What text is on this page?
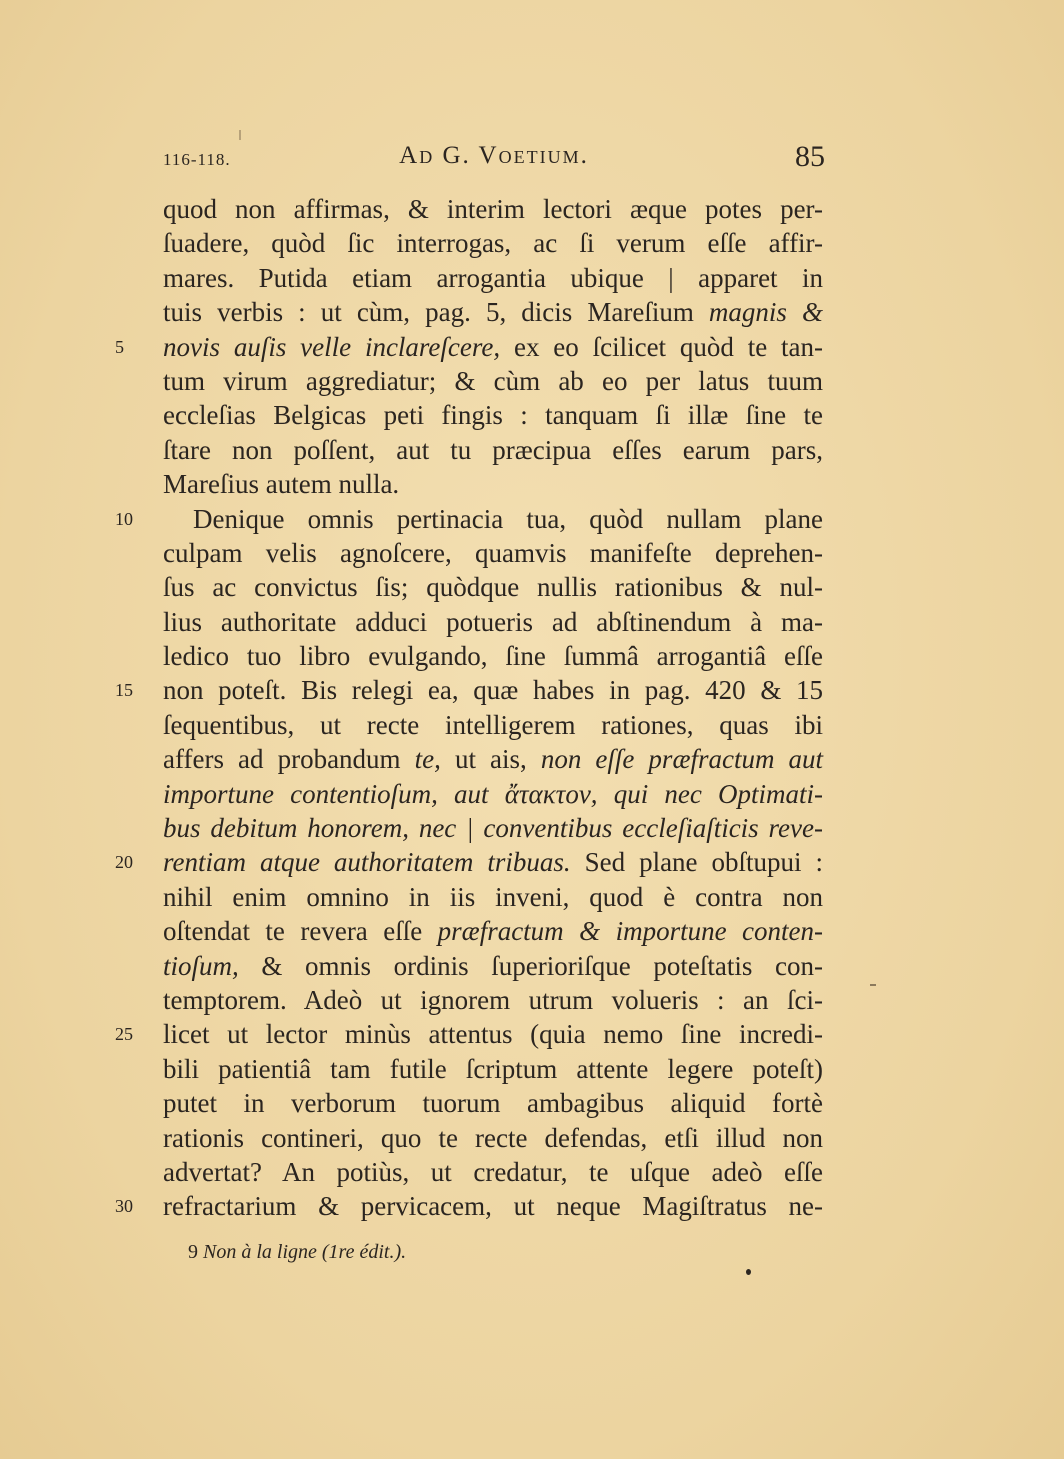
116-118.	Ad G. Voetium.	85
quod non affirmas, & interim lectori æque potes per-
ſuadere, quòd ſic interrogas, ac ſi verum eſſe affir-
mares. Putida etiam arrogantia ubique | apparet in
tuis verbis : ut cùm, pag. 5, dicis Mareſium magnis &
5	novis auſis velle inclareſcere, ex eo ſcilicet quòd te tan-
tum virum aggrediatur; & cùm ab eo per latus tuum
eccleſias Belgicas peti fingis : tanquam ſi illæ ſine te
ſtare non poſſent, aut tu præcipua eſſes earum pars,
Mareſius autem nulla.
10	Denique omnis pertinacia tua, quòd nullam plane
culpam velis agnoſcere, quamvis manifeſte deprehen-
ſus ac convictus ſis; quòdque nullis rationibus & nul-
lius authoritate adduci potueris ad abſtinendum à ma-
ledico tuo libro evulgando, ſine ſummâ arrogantiâ eſſe
15	non poteſt. Bis relegi ea, quæ habes in pag. 420 & 15
ſequentibus, ut recte intelligerem rationes, quas ibi
affers ad probandum te, ut ais, non eſſe præfractum aut
importune contentioſum, aut ἄτακτον, qui nec Optimati-
bus debitum honorem, nec | conventibus eccleſiaſticis reve-
20	rentiam atque authoritatem tribuas. Sed plane obſtupui :
nihil enim omnino in iis inveni, quod è contra non
oſtendat te revera eſſe præfractum & importune conten-
tioſum, & omnis ordinis ſuperioriſque poteſtatis con-
temptorem. Adeò ut ignorem utrum volueris : an ſci-
25	licet ut lector minùs attentus (quia nemo ſine incredi-
bili patientiâ tam futile ſcriptum attente legere poteſt)
putet in verborum tuorum ambagibus aliquid fortè
rationis contineri, quo te recte defendas, etſi illud non
advertat? An potiùs, ut credatur, te uſque adeò eſſe
30	refractarium & pervicacem, ut neque Magiſtratus ne-
9 Non à la ligne (1re édit.).
